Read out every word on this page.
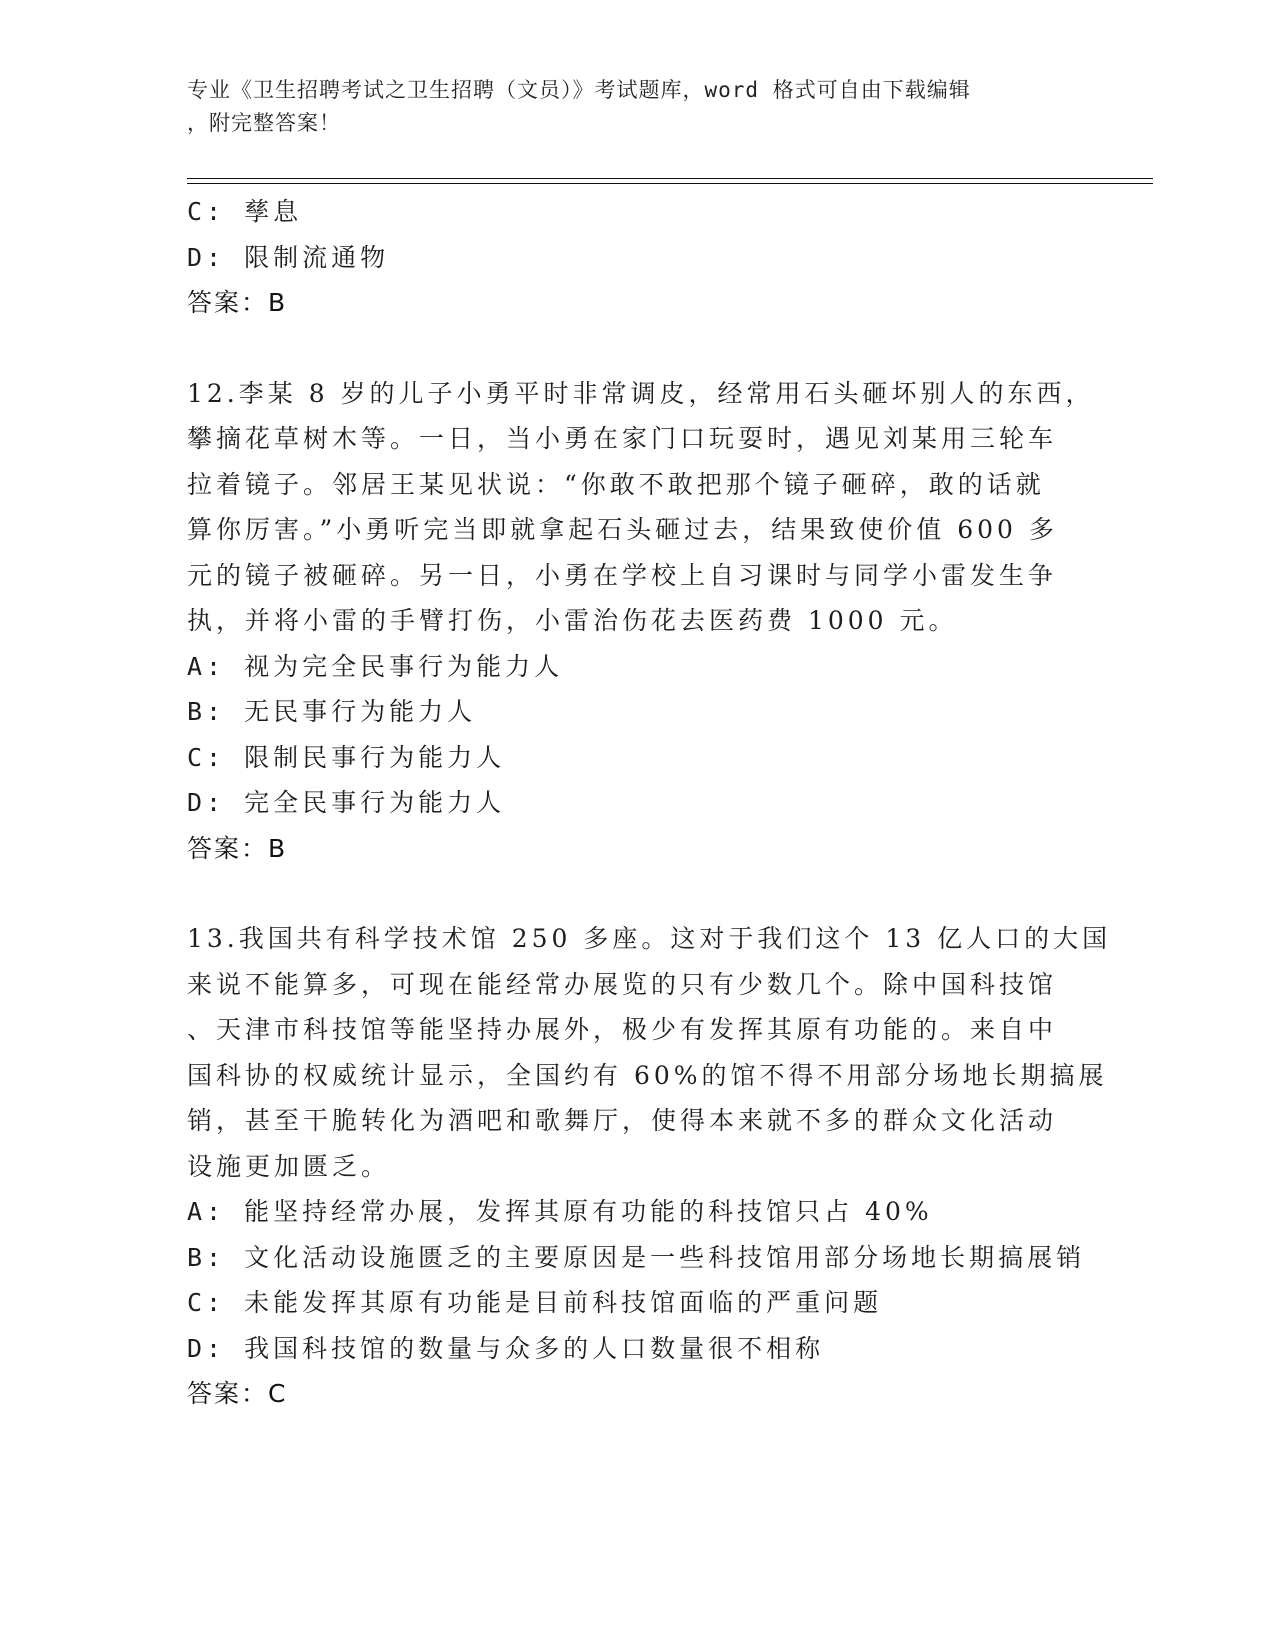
专业《卫生招聘考试之卫生招聘（文员）》考试题库，word 格式可自由下载编辑
，附完整答案！
C: 孳息
D: 限制流通物
答案：B
12.李某 8 岁的儿子小勇平时非常调皮，经常用石头砸坏别人的东西，
攀摘花草树木等。一日，当小勇在家门口玩耍时，遇见刘某用三轮车
拉着镜子。邻居王某见状说：“你敢不敢把那个镜子砸碎，敢的话就
算你厉害。”小勇听完当即就拿起石头砸过去，结果致使价值 600 多
元的镜子被砸碎。另一日，小勇在学校上自习课时与同学小雷发生争
执，并将小雷的手臂打伤，小雷治伤花去医药费 1000 元。
A: 视为完全民事行为能力人
B: 无民事行为能力人
C: 限制民事行为能力人
D: 完全民事行为能力人
答案：B
13.我国共有科学技术馆 250 多座。这对于我们这个 13 亿人口的大国
来说不能算多，可现在能经常办展览的只有少数几个。除中国科技馆
、天津市科技馆等能坚持办展外，极少有发挥其原有功能的。来自中
国科协的权威统计显示，全国约有 60%的馆不得不用部分场地长期搞展
销，甚至干脆转化为酒吧和歌舞厅，使得本来就不多的群众文化活动
设施更加匮乏。
A: 能坚持经常办展，发挥其原有功能的科技馆只占 40%
B: 文化活动设施匮乏的主要原因是一些科技馆用部分场地长期搞展销
C: 未能发挥其原有功能是目前科技馆面临的严重问题
D: 我国科技馆的数量与众多的人口数量很不相称
答案：C
